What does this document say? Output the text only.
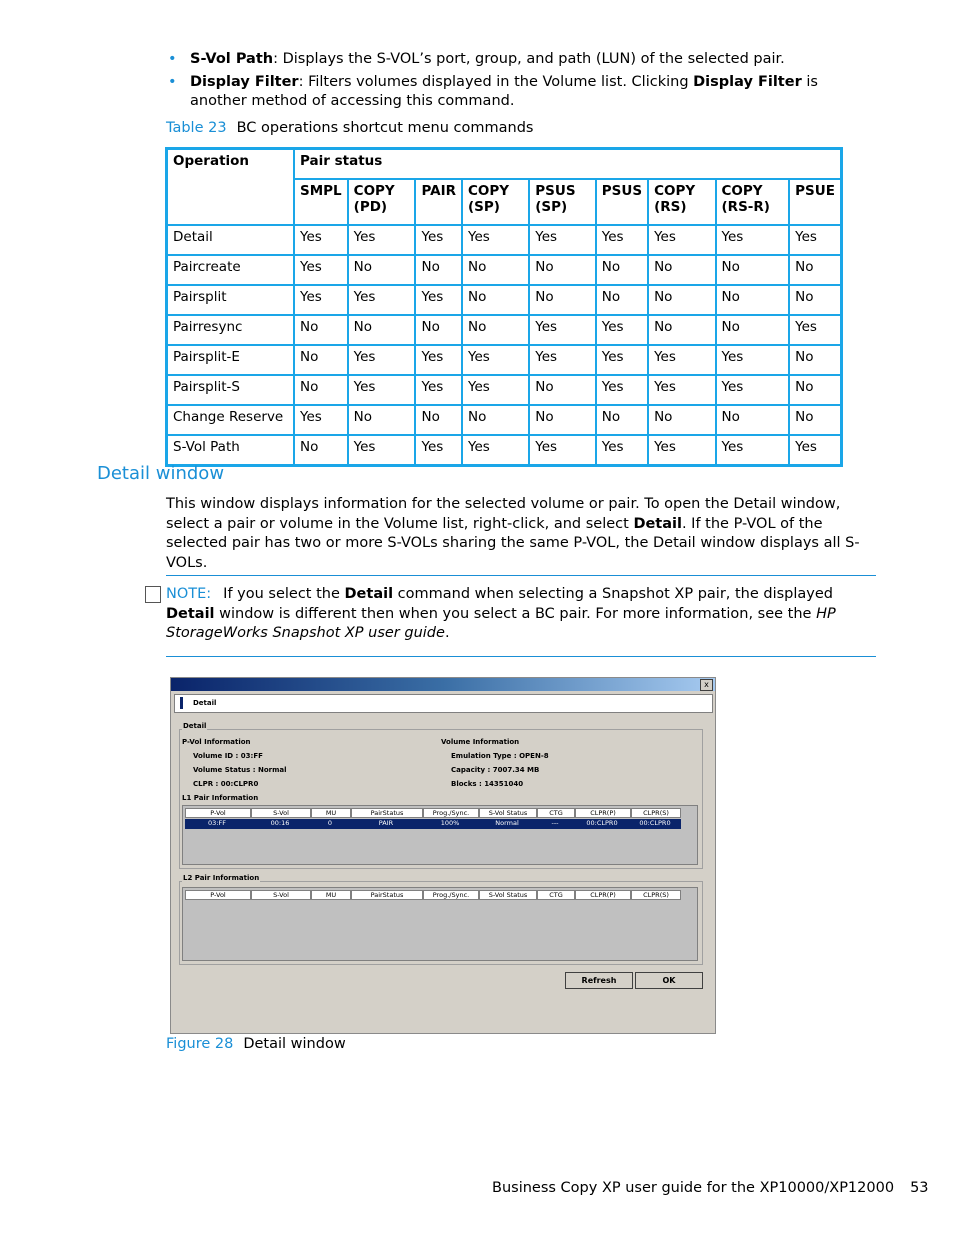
• S-Vol Path: Displays the S-VOL’s port, group, and path (LUN) of the selected pair.
• Display Filter: Filters volumes displayed in the Volume list. Clicking Display Filter is another method of accessing this command.
Table 23 BC operations shortcut menu commands
Operation	Pair status								
	SMPL	COPY (PD)	PAIR	COPY (SP)	PSUS (SP)	PSUS	COPY (RS)	COPY (RS-R)	PSUE
Detail	Yes	Yes	Yes	Yes	Yes	Yes	Yes	Yes	Yes
Paircreate	Yes	No	No	No	No	No	No	No	No
Pairsplit	Yes	Yes	Yes	No	No	No	No	No	No
Pairresync	No	No	No	No	Yes	Yes	No	No	Yes
Pairsplit-E	No	Yes	Yes	Yes	Yes	Yes	Yes	Yes	No
Pairsplit-S	No	Yes	Yes	Yes	No	Yes	Yes	Yes	No
Change Reserve	Yes	No	No	No	No	No	No	No	No
S-Vol Path	No	Yes	Yes	Yes	Yes	Yes	Yes	Yes	Yes
Detail window
This window displays information for the selected volume or pair. To open the Detail window, select a pair or volume in the Volume list, right-click, and select Detail. If the P-VOL of the selected pair has two or more S-VOLs sharing the same P-VOL, the Detail window displays all S-VOLs.
NOTE: If you select the Detail command when selecting a Snapshot XP pair, the displayed Detail window is different then when you select a BC pair. For more information, see the HP StorageWorks Snapshot XP user guide.
x
Detail
Detail
P-Vol Information
Volume ID : 03:FF
Volume Status : Normal
CLPR : 00:CLPR0
Volume Information
Emulation Type : OPEN-8
Capacity : 7007.34 MB
Blocks : 14351040
L1 Pair Information
P-Vol	S-Vol	MU	PairStatus	Prog./Sync.	S-Vol Status	CTG	CLPR(P)	CLPR(S)
03:FF	00:16	0	PAIR	100%	Normal	---	00:CLPR0	00:CLPR0
L2 Pair Information
P-Vol	S-Vol	MU	PairStatus	Prog./Sync.	S-Vol Status	CTG	CLPR(P)	CLPR(S)
Refresh	OK
Figure 28 Detail window
Business Copy XP user guide for the XP10000/XP12000 53
